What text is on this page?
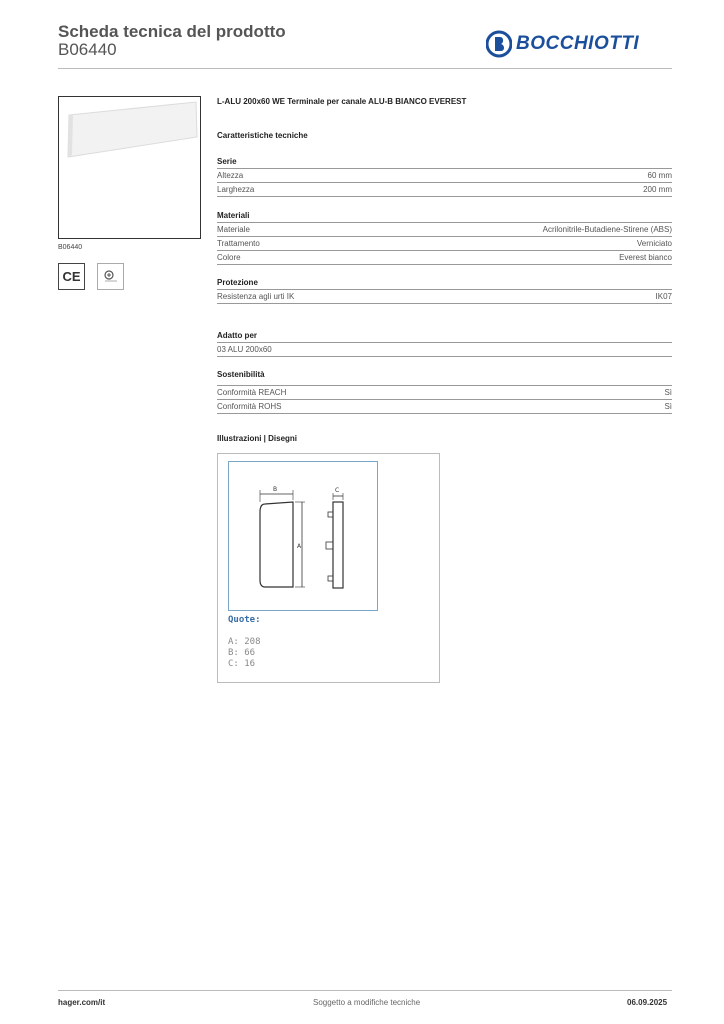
Scheda tecnica del prodotto
B06440	BOCCHIOTTI
B06440
CE
L-ALU 200x60 WE Terminale per canale ALU-B BIANCO EVEREST
Caratteristiche tecniche
Serie
Altezza	60 mm
Larghezza	200 mm
Materiali
Materiale	Acrilonitrile-Butadiene-Stirene (ABS)
Trattamento	Verniciato
Colore	Everest bianco
Protezione
Resistenza agli urti IK	IK07
Adatto per
03 ALU 200x60
Sostenibilità
Conformità REACH	Sì
Conformità ROHS	Sì
Illustrazioni | Disegni
B
A
C
Quote:
A: 208
B: 66
C: 16
hager.com/it	Soggetto a modifiche tecniche	06.09.2025
